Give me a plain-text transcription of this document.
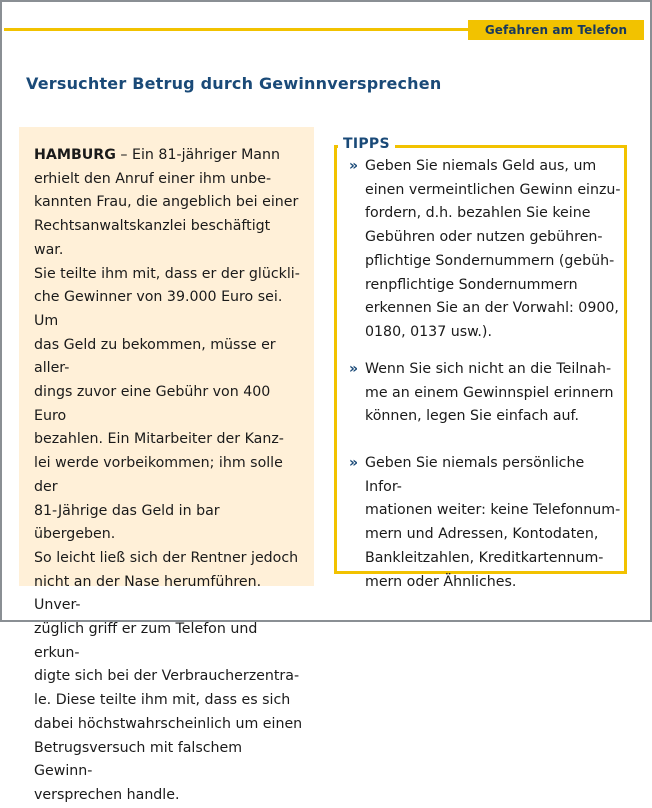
Gefahren am Telefon
Versuchter Betrug durch Gewinnversprechen
HAMBURG – Ein 81-jähriger Mann
erhielt den Anruf einer ihm unbe-
kannten Frau, die angeblich bei einer
Rechtsanwaltskanzlei beschäftigt war.
Sie teilte ihm mit, dass er der glückli-
che Gewinner von 39.000 Euro sei. Um
das Geld zu bekommen, müsse er aller-
dings zuvor eine Gebühr von 400 Euro
bezahlen. Ein Mitarbeiter der Kanz-
lei werde vorbeikommen; ihm solle der
81-Jährige das Geld in bar übergeben.
So leicht ließ sich der Rentner jedoch
nicht an der Nase herumführen. Unver-
züglich griff er zum Telefon und erkun-
digte sich bei der Verbraucherzentra-
le. Diese teilte ihm mit, dass es sich
dabei höchstwahrscheinlich um einen
Betrugsversuch mit falschem Gewinn-
versprechen handle.
TIPPS
» Geben Sie niemals Geld aus, um
einen vermeintlichen Gewinn einzu-
fordern, d.h. bezahlen Sie keine
Gebühren oder nutzen gebühren-
pflichtige Sondernummern (gebüh-
renpflichtige Sondernummern
erkennen Sie an der Vorwahl: 0900,
0180, 0137 usw.).
» Wenn Sie sich nicht an die Teilnah-
me an einem Gewinnspiel erinnern
können, legen Sie einfach auf.
» Geben Sie niemals persönliche Infor-
mationen weiter: keine Telefonnum-
mern und Adressen, Kontodaten,
Bankleitzahlen, Kreditkartennum-
mern oder Ähnliches.
